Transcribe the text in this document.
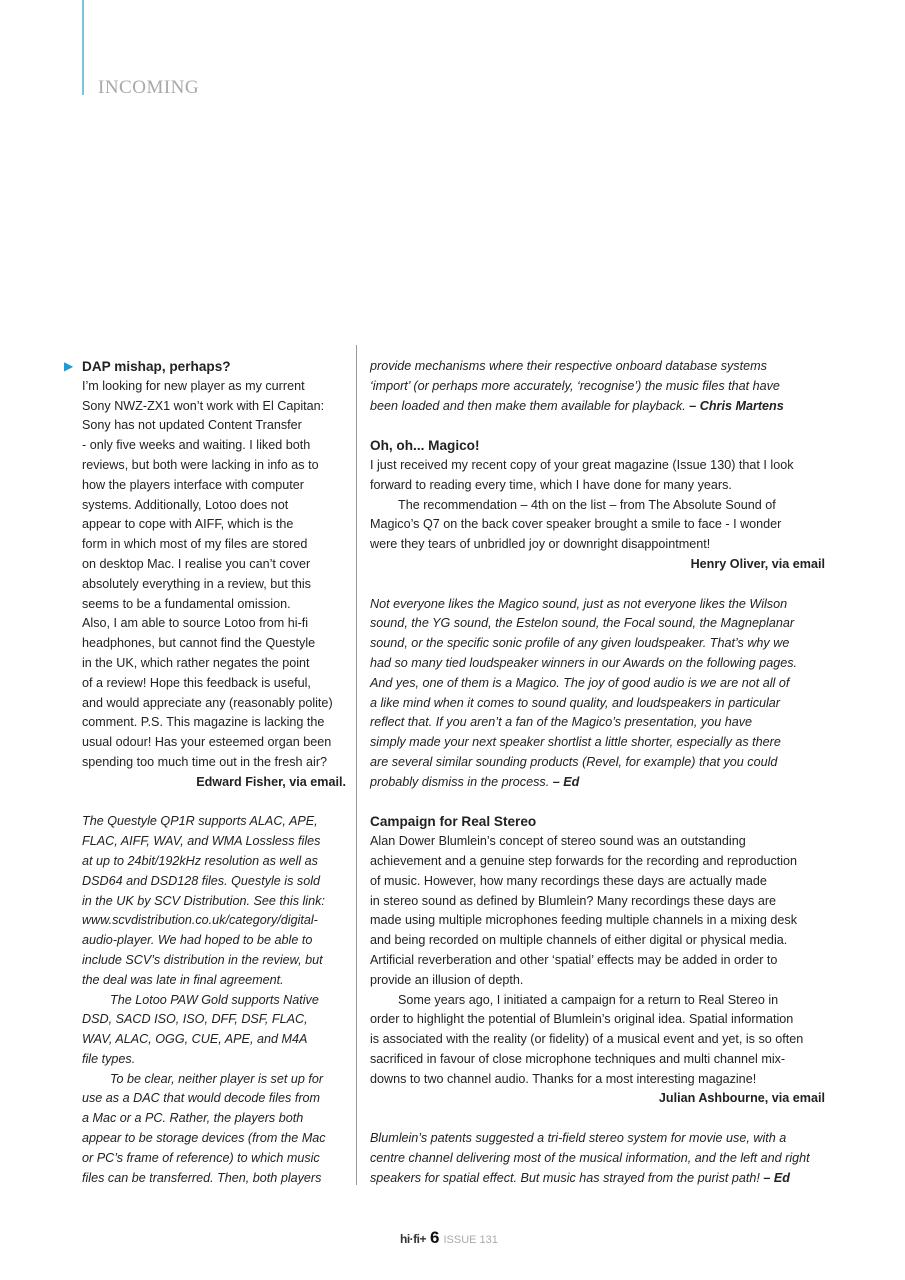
INCOMING
▶ DAP mishap, perhaps?
I’m looking for new player as my current
Sony NWZ-ZX1 won’t work with El Capitan:
Sony has not updated Content Transfer
- only five weeks and waiting. I liked both
reviews, but both were lacking in info as to
how the players interface with computer
systems. Additionally, Lotoo does not
appear to cope with AIFF, which is the
form in which most of my files are stored
on desktop Mac. I realise you can’t cover
absolutely everything in a review, but this
seems to be a fundamental omission.
Also, I am able to source Lotoo from hi-fi
headphones, but cannot find the Questyle
in the UK, which rather negates the point
of a review! Hope this feedback is useful,
and would appreciate any (reasonably polite)
comment. P.S. This magazine is lacking the
usual odour! Has your esteemed organ been
spending too much time out in the fresh air?
Edward Fisher, via email.
The Questyle QP1R supports ALAC, APE,
FLAC, AIFF, WAV, and WMA Lossless files
at up to 24bit/192kHz resolution as well as
DSD64 and DSD128 files. Questyle is sold
in the UK by SCV Distribution. See this link:
www.scvdistribution.co.uk/category/digital-
audio-player. We had hoped to be able to
include SCV’s distribution in the review, but
the deal was late in final agreement.
The Lotoo PAW Gold supports Native
DSD, SACD ISO, ISO, DFF, DSF, FLAC,
WAV, ALAC, OGG, CUE, APE, and M4A
file types.
To be clear, neither player is set up for
use as a DAC that would decode files from
a Mac or a PC. Rather, the players both
appear to be storage devices (from the Mac
or PC’s frame of reference) to which music
files can be transferred. Then, both players
provide mechanisms where their respective onboard database systems
‘import’ (or perhaps more accurately, ‘recognise’) the music files that have
been loaded and then make them available for playback. – Chris Martens
Oh, oh... Magico!
I just received my recent copy of your great magazine (Issue 130) that I look
forward to reading every time, which I have done for many years.
The recommendation – 4th on the list – from The Absolute Sound of
Magico’s Q7 on the back cover speaker brought a smile to face - I wonder
were they tears of unbridled joy or downright disappointment!
Henry Oliver, via email
Not everyone likes the Magico sound, just as not everyone likes the Wilson
sound, the YG sound, the Estelon sound, the Focal sound, the Magneplanar
sound, or the specific sonic profile of any given loudspeaker. That’s why we
had so many tied loudspeaker winners in our Awards on the following pages.
And yes, one of them is a Magico. The joy of good audio is we are not all of
a like mind when it comes to sound quality, and loudspeakers in particular
reflect that. If you aren’t a fan of the Magico’s presentation, you have
simply made your next speaker shortlist a little shorter, especially as there
are several similar sounding products (Revel, for example) that you could
probably dismiss in the process. – Ed
Campaign for Real Stereo
Alan Dower Blumlein’s concept of stereo sound was an outstanding
achievement and a genuine step forwards for the recording and reproduction
of music. However, how many recordings these days are actually made
in stereo sound as defined by Blumlein? Many recordings these days are
made using multiple microphones feeding multiple channels in a mixing desk
and being recorded on multiple channels of either digital or physical media.
Artificial reverberation and other ‘spatial’ effects may be added in order to
provide an illusion of depth.
Some years ago, I initiated a campaign for a return to Real Stereo in
order to highlight the potential of Blumlein’s original idea. Spatial information
is associated with the reality (or fidelity) of a musical event and yet, is so often
sacrificed in favour of close microphone techniques and multi channel mix-
downs to two channel audio. Thanks for a most interesting magazine!
Julian Ashbourne, via email
Blumlein’s patents suggested a tri-field stereo system for movie use, with a
centre channel delivering most of the musical information, and the left and right
speakers for spatial effect. But music has strayed from the purist path! – Ed
hi·fi+ 6 ISSUE 131
